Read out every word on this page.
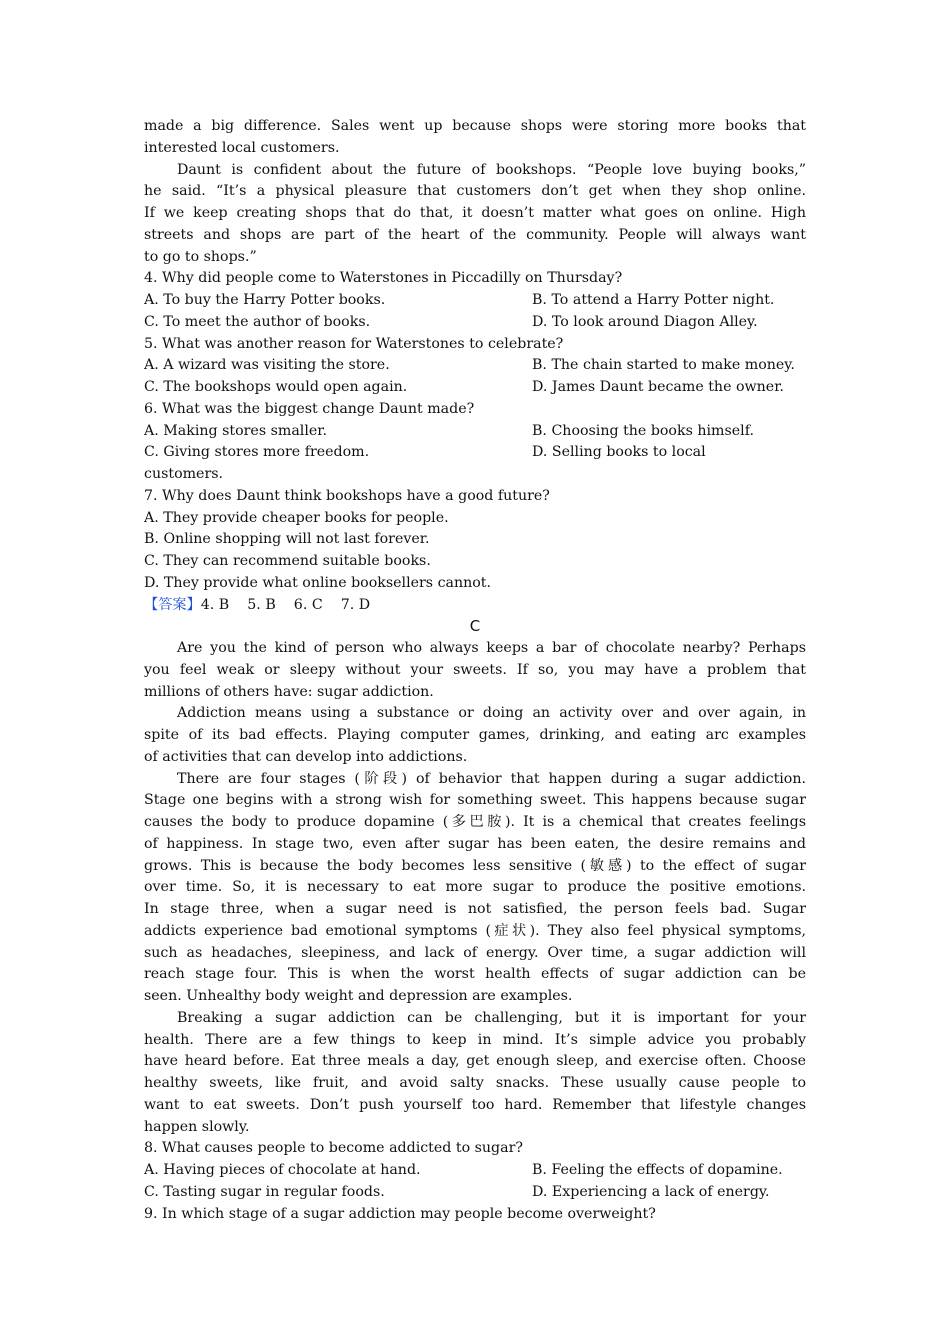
made a big difference. Sales went up because shops were storing more books that
interested local customers.
Daunt is confident about the future of bookshops. “People love buying books,”
he said. “It’s a physical pleasure that customers don’t get when they shop online.
If we keep creating shops that do that, it doesn’t matter what goes on online. High
streets and shops are part of the heart of the community. People will always want
to go to shops.”
4. Why did people come to Waterstones in Piccadilly on Thursday?
A. To buy the Harry Potter books.	B. To attend a Harry Potter night.
C. To meet the author of books.	D. To look around Diagon Alley.
5. What was another reason for Waterstones to celebrate?
A. A wizard was visiting the store.	B. The chain started to make money.
C. The bookshops would open again.	D. James Daunt became the owner.
6. What was the biggest change Daunt made?
A. Making stores smaller.	B. Choosing the books himself.
C. Giving stores more freedom.	D. Selling books to local
customers.
7. Why does Daunt think bookshops have a good future?
A. They provide cheaper books for people.
B. Online shopping will not last forever.
C. They can recommend suitable books.
D. They provide what online booksellers cannot.
【答案】4. B    5. B    6. C    7. D
C
Are you the kind of person who always keeps a bar of chocolate nearby? Perhaps
you feel weak or sleepy without your sweets. If so, you may have a problem that
millions of others have: sugar addiction.
Addiction means using a substance or doing an activity over and over again, in
spite of its bad effects. Playing computer games, drinking, and eating arc examples
of activities that can develop into addictions.
There are four stages (阶段) of behavior that happen during a sugar addiction.
Stage one begins with a strong wish for something sweet. This happens because sugar
causes the body to produce dopamine (多巴胺). It is a chemical that creates feelings
of happiness. In stage two, even after sugar has been eaten, the desire remains and
grows. This is because the body becomes less sensitive (敏感) to the effect of sugar
over time. So, it is necessary to eat more sugar to produce the positive emotions.
In stage three, when a sugar need is not satisfied, the person feels bad. Sugar
addicts experience bad emotional symptoms (症状). They also feel physical symptoms,
such as headaches, sleepiness, and lack of energy. Over time, a sugar addiction will
reach stage four. This is when the worst health effects of sugar addiction can be
seen. Unhealthy body weight and depression are examples.
Breaking a sugar addiction can be challenging, but it is important for your
health. There are a few things to keep in mind. It’s simple advice you probably
have heard before. Eat three meals a day, get enough sleep, and exercise often. Choose
healthy sweets, like fruit, and avoid salty snacks. These usually cause people to
want to eat sweets. Don’t push yourself too hard. Remember that lifestyle changes
happen slowly.
8. What causes people to become addicted to sugar?
A. Having pieces of chocolate at hand.	B. Feeling the effects of dopamine.
C. Tasting sugar in regular foods.	D. Experiencing a lack of energy.
9. In which stage of a sugar addiction may people become overweight?
